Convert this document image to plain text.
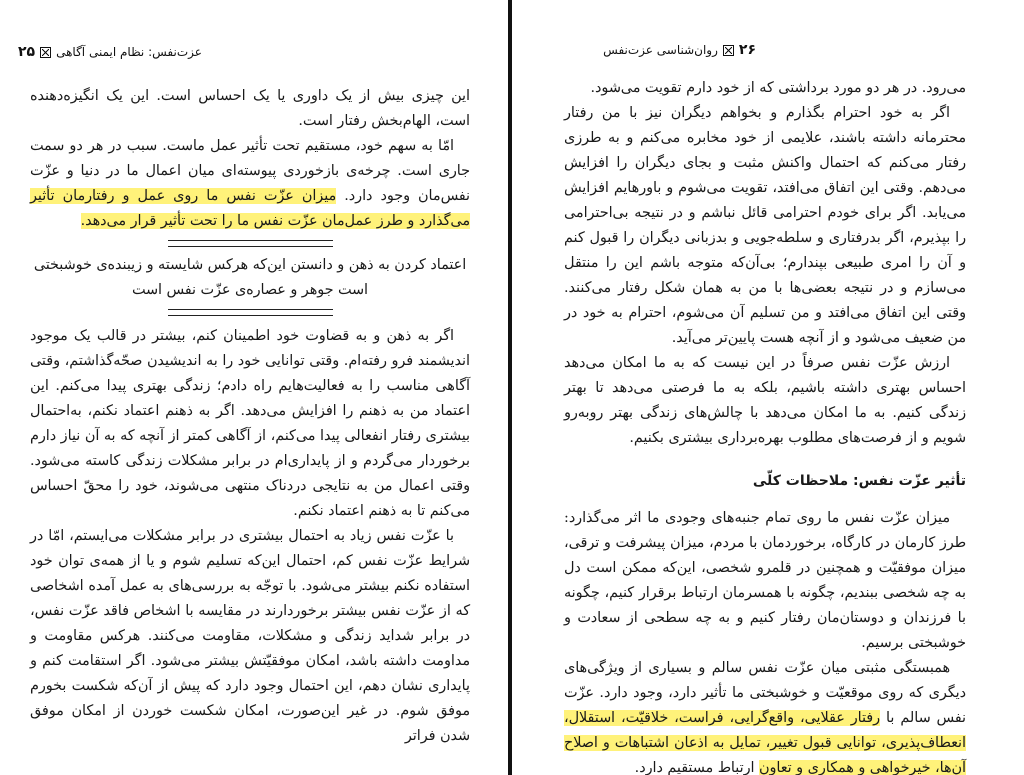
عزت‌نفس: نظام ایمنی آگاهی
۲۵

این چیزی بیش از یک داوری یا یک احساس است. این یک انگیزه‌دهنده است، الهام‌بخش رفتار است.

امّا به سهم خود، مستقیم تحت تأثیر عمل ماست. سبب در هر دو سمت جاری است. چرخه‌ی بازخوردی پیوسته‌ای میان اعمال ما در دنیا و عزّت نفس‌مان وجود دارد. میزان عزّت نفس ما روی عمل و رفتارمان تأثیر می‌گذارد و طرز عمل‌مان عزّت نفس ما را تحت تأثیر قرار می‌دهد.

اعتماد کردن به ذهن و دانستن این‌که هرکس شایسته و زیبنده‌ی خوشبختی است جوهر و عصاره‌ی عزّت نفس است

اگر به ذهن و به قضاوت خود اطمینان کنم، بیشتر در قالب یک موجود اندیشمند فرو رفته‌ام. وقتی توانایی خود را به اندیشیدن صحّه‌گذاشتم، وقتی آگاهی مناسب را به فعالیت‌هایم راه دادم؛ زندگی بهتری پیدا می‌کنم. این اعتماد من به ذهنم را افزایش می‌دهد. اگر به ذهنم اعتماد نکنم، به‌احتمال بیشتری رفتار انفعالی پیدا می‌کنم، از آگاهی کمتر از آنچه که به آن نیاز دارم برخوردار می‌گردم و از پایداری‌ام در برابر مشکلات زندگی کاسته می‌شود. وقتی اعمال من به نتایجی دردناک منتهی می‌شوند، خود را محقّ احساس می‌کنم تا به ذهنم اعتماد نکنم.

با عزّت نفس زیاد به احتمال بیشتری در برابر مشکلات می‌ایستم، امّا در شرایط عزّت نفس کم، احتمال این‌که تسلیم شوم و یا از همه‌ی توان خود استفاده نکنم بیشتر می‌شود. با توجّه به بررسی‌های به عمل آمده اشخاصی که از عزّت نفس بیشتر برخوردارند در مقایسه با اشخاص فاقد عزّت نفس، در برابر شداید زندگی و مشکلات، مقاومت می‌کنند. هرکس مقاومت و مداومت داشته باشد، امکان موفقیّتش بیشتر می‌شود. اگر استقامت کنم و پایداری نشان دهم، این احتمال وجود دارد که پیش از آن‌که شکست بخورم موفق شوم. در غیر این‌صورت، امکان شکست خوردن از امکان موفق شدن فراتر

۲۶
روان‌شناسی عزت‌نفس

می‌رود. در هر دو مورد برداشتی که از خود دارم تقویت می‌شود.

اگر به خود احترام بگذارم و بخواهم دیگران نیز با من رفتار محترمانه داشته باشند، علایمی از خود مخابره می‌کنم و به طرزی رفتار می‌کنم که احتمال واکنش مثبت و بجای دیگران را افزایش می‌دهم. وقتی این اتفاق می‌افتد، تقویت می‌شوم و باورهایم افزایش می‌یابد. اگر برای خودم احترامی قائل نباشم و در نتیجه بی‌احترامی را بپذیرم، اگر بدرفتاری و سلطه‌جویی و بدزبانی دیگران را قبول کنم و آن را امری طبیعی بپندارم؛ بی‌آن‌که متوجه باشم این را منتقل می‌سازم و در نتیجه بعضی‌ها با من به همان شکل رفتار می‌کنند. وقتی این اتفاق می‌افتد و من تسلیم آن می‌شوم، احترام به خود در من ضعیف می‌شود و از آنچه هست پایین‌تر می‌آید.

ارزش عزّت نفس صرفاً در این نیست که به ما امکان می‌دهد احساس بهتری داشته باشیم، بلکه به ما فرصتی می‌دهد تا بهتر زندگی کنیم. به ما امکان می‌دهد با چالش‌های زندگی بهتر روبه‌رو شویم و از فرصت‌های مطلوب بهره‌برداری بیشتری بکنیم.

تأثیر عزّت نفس: ملاحظات کلّی

میزان عزّت نفس ما روی تمام جنبه‌های وجودی ما اثر می‌گذارد: طرز کارمان در کارگاه، برخوردمان با مردم، میزان پیشرفت و ترقی، میزان موفقیّت و همچنین در قلمرو شخصی، این‌که ممکن است دل به چه شخصی ببندیم، چگونه با همسرمان ارتباط برقرار کنیم، چگونه با فرزندان و دوستان‌مان رفتار کنیم و به چه سطحی از سعادت و خوشبختی برسیم.

همبستگی مثبتی میان عزّت نفس سالم و بسیاری از ویژگی‌های دیگری که روی موقعیّت و خوشبختی ما تأثیر دارد، وجود دارد. عزّت نفس سالم با رفتار عقلایی، واقع‌گرایی، فراست، خلاقیّت، استقلال، انعطاف‌پذیری، توانایی قبول تغییر، تمایل به اذعان اشتباهات و اصلاح آن‌ها، خیرخواهی و همکاری و تعاون ارتباط مستقیم دارد.
